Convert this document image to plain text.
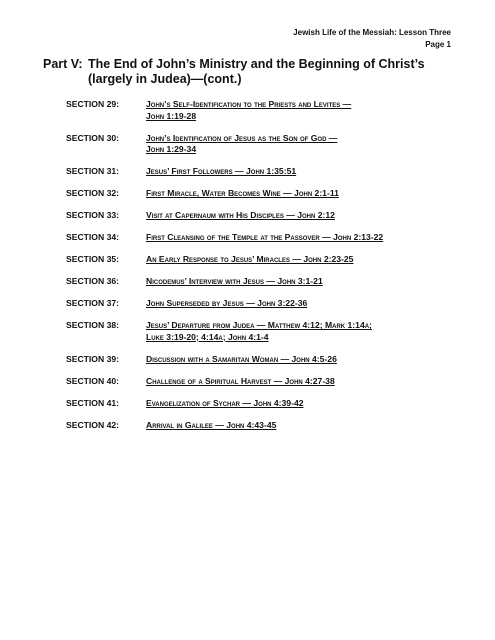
Jewish Life of the Messiah: Lesson Three
Page 1
Part V: The End of John’s Ministry and the Beginning of Christ’s
(largely in Judea)—(cont.)
SECTION 29:	John’s Self-Identification to the Priests and Levites —
John 1:19-28
SECTION 30:	John’s Identification of Jesus as the Son of God —
John 1:29-34
SECTION 31:	Jesus’ First Followers — John 1:35:51
SECTION 32:	First Miracle, Water Becomes Wine — John 2:1-11
SECTION 33:	Visit at Capernaum with His Disciples — John 2:12
SECTION 34:	First Cleansing of the Temple at the Passover — John 2:13-22
SECTION 35:	An Early Response to Jesus’ Miracles — John 2:23-25
SECTION 36:	Nicodemus’ Interview with Jesus — John 3:1-21
SECTION 37:	John Superseded by Jesus — John 3:22-36
SECTION 38:	Jesus’ Departure from Judea — Matthew 4:12; Mark 1:14a;
Luke 3:19-20; 4:14a; John 4:1-4
SECTION 39:	Discussion with a Samaritan Woman — John 4:5-26
SECTION 40:	Challenge of a Spiritual Harvest — John 4:27-38
SECTION 41:	Evangelization of Sychar — John 4:39-42
SECTION 42:	Arrival in Galilee — John 4:43-45
